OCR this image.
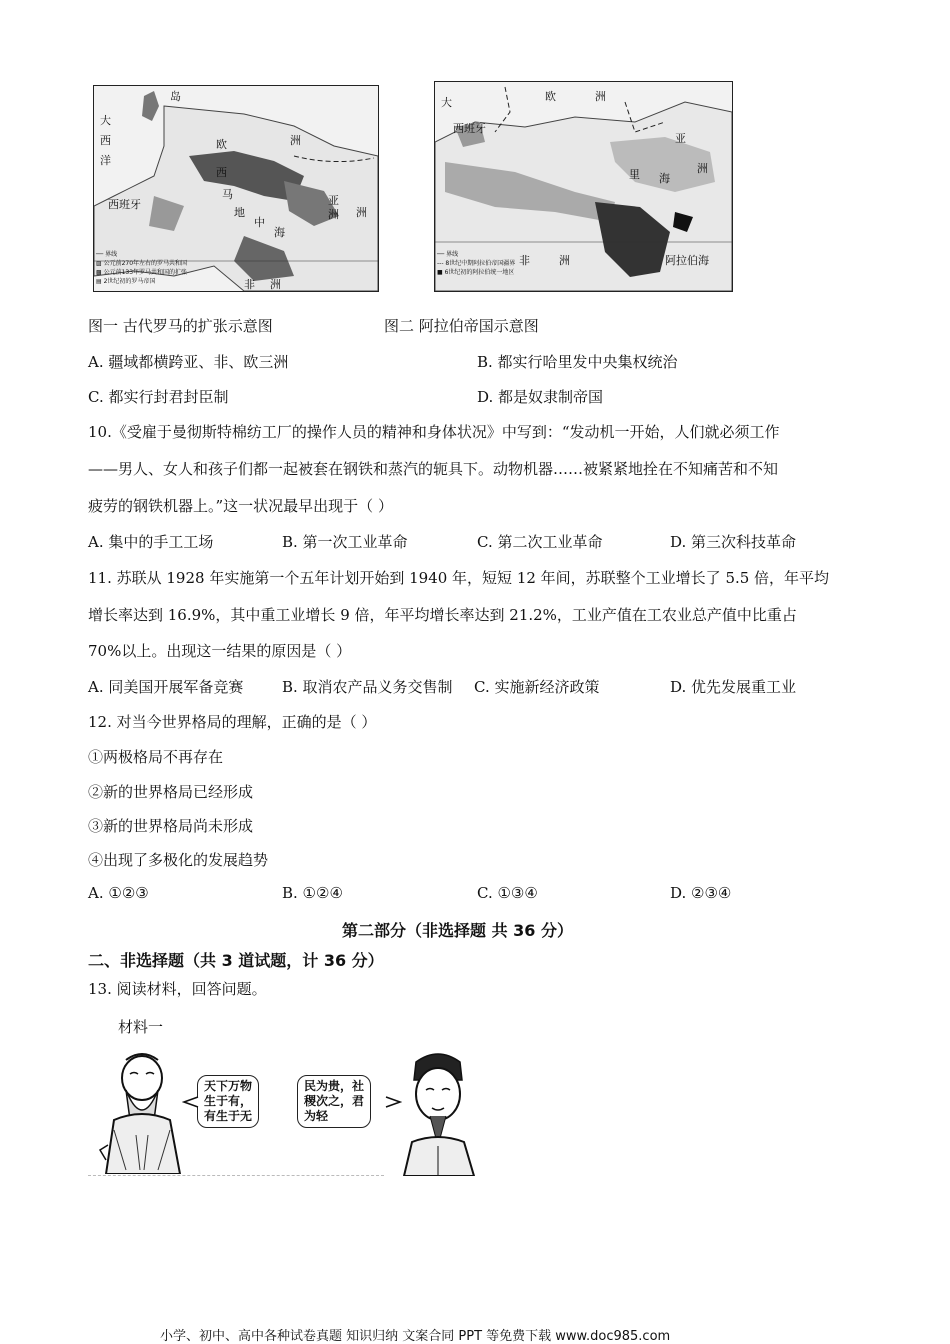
大
西
洋
欧	洲
洲
西
西班牙
非 洲
亚
洲
地
中
海
岛
马
── 界线
▨ 公元前270年左右的罗马共和国
▩ 公元前133年罗马共和国的扩张
▤ 2世纪初的罗马帝国
大	欧	洲
西班牙
亚
洲
里 海
非	洲	阿拉伯海
── 界线
--- 8世纪中期阿拉伯帝国疆界
■ 6世纪初的阿拉伯统一地区
图一 古代罗马的扩张示意图	图二 阿拉伯帝国示意图
A. 疆域都横跨亚、非、欧三洲	B. 都实行哈里发中央集权统治
C. 都实行封君封臣制	D. 都是奴隶制帝国
10.《受雇于曼彻斯特棉纺工厂的操作人员的精神和身体状况》中写到：“发动机一开始，人们就必须工作
——男人、女人和孩子们都一起被套在钢铁和蒸汽的轭具下。动物机器……被紧紧地拴在不知痛苦和不知
疲劳的钢铁机器上。”这一状况最早出现于（ ）
A. 集中的手工工场	B. 第一次工业革命	C. 第二次工业革命	D. 第三次科技革命
11. 苏联从 1928 年实施第一个五年计划开始到 1940 年，短短 12 年间，苏联整个工业增长了 5.5 倍，年平均
增长率达到 16.9%，其中重工业增长 9 倍，年平均增长率达到 21.2%，工业产值在工农业总产值中比重占
70%以上。出现这一结果的原因是（ ）
A. 同美国开展军备竞赛	B. 取消农产品义务交售制 C. 实施新经济政策	D. 优先发展重工业
12. 对当今世界格局的理解，正确的是（ ）
①两极格局不再存在
②新的世界格局已经形成
③新的世界格局尚未形成
④出现了多极化的发展趋势
A. ①②③	B. ①②④	C. ①③④	D. ②③④
第二部分（非选择题 共 36 分）
二、非选择题（共 3 道试题，计 36 分）
13. 阅读材料，回答问题。
材料一
天下万物
生于有，
有生于无
民为贵，社
稷次之，君
为轻
小学、初中、高中各种试卷真题 知识归纳 文案合同 PPT 等免费下载 www.doc985.com
